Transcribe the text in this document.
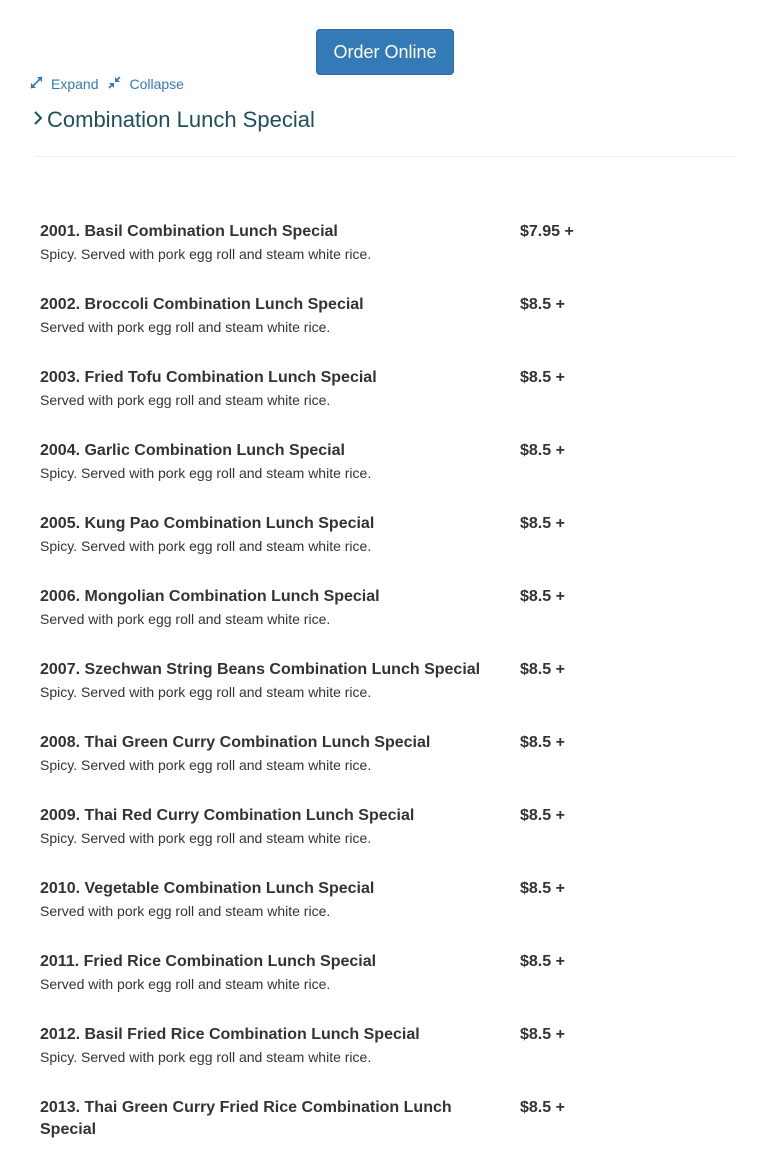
Order Online
Expand Collapse
Combination Lunch Special
2001. Basil Combination Lunch Special
Spicy. Served with pork egg roll and steam white rice.
$7.95 +
2002. Broccoli Combination Lunch Special
Served with pork egg roll and steam white rice.
$8.5 +
2003. Fried Tofu Combination Lunch Special
Served with pork egg roll and steam white rice.
$8.5 +
2004. Garlic Combination Lunch Special
Spicy. Served with pork egg roll and steam white rice.
$8.5 +
2005. Kung Pao Combination Lunch Special
Spicy. Served with pork egg roll and steam white rice.
$8.5 +
2006. Mongolian Combination Lunch Special
Served with pork egg roll and steam white rice.
$8.5 +
2007. Szechwan String Beans Combination Lunch Special
Spicy. Served with pork egg roll and steam white rice.
$8.5 +
2008. Thai Green Curry Combination Lunch Special
Spicy. Served with pork egg roll and steam white rice.
$8.5 +
2009. Thai Red Curry Combination Lunch Special
Spicy. Served with pork egg roll and steam white rice.
$8.5 +
2010. Vegetable Combination Lunch Special
Served with pork egg roll and steam white rice.
$8.5 +
2011. Fried Rice Combination Lunch Special
Served with pork egg roll and steam white rice.
$8.5 +
2012. Basil Fried Rice Combination Lunch Special
Spicy. Served with pork egg roll and steam white rice.
$8.5 +
2013. Thai Green Curry Fried Rice Combination Lunch Special
$8.5 +
